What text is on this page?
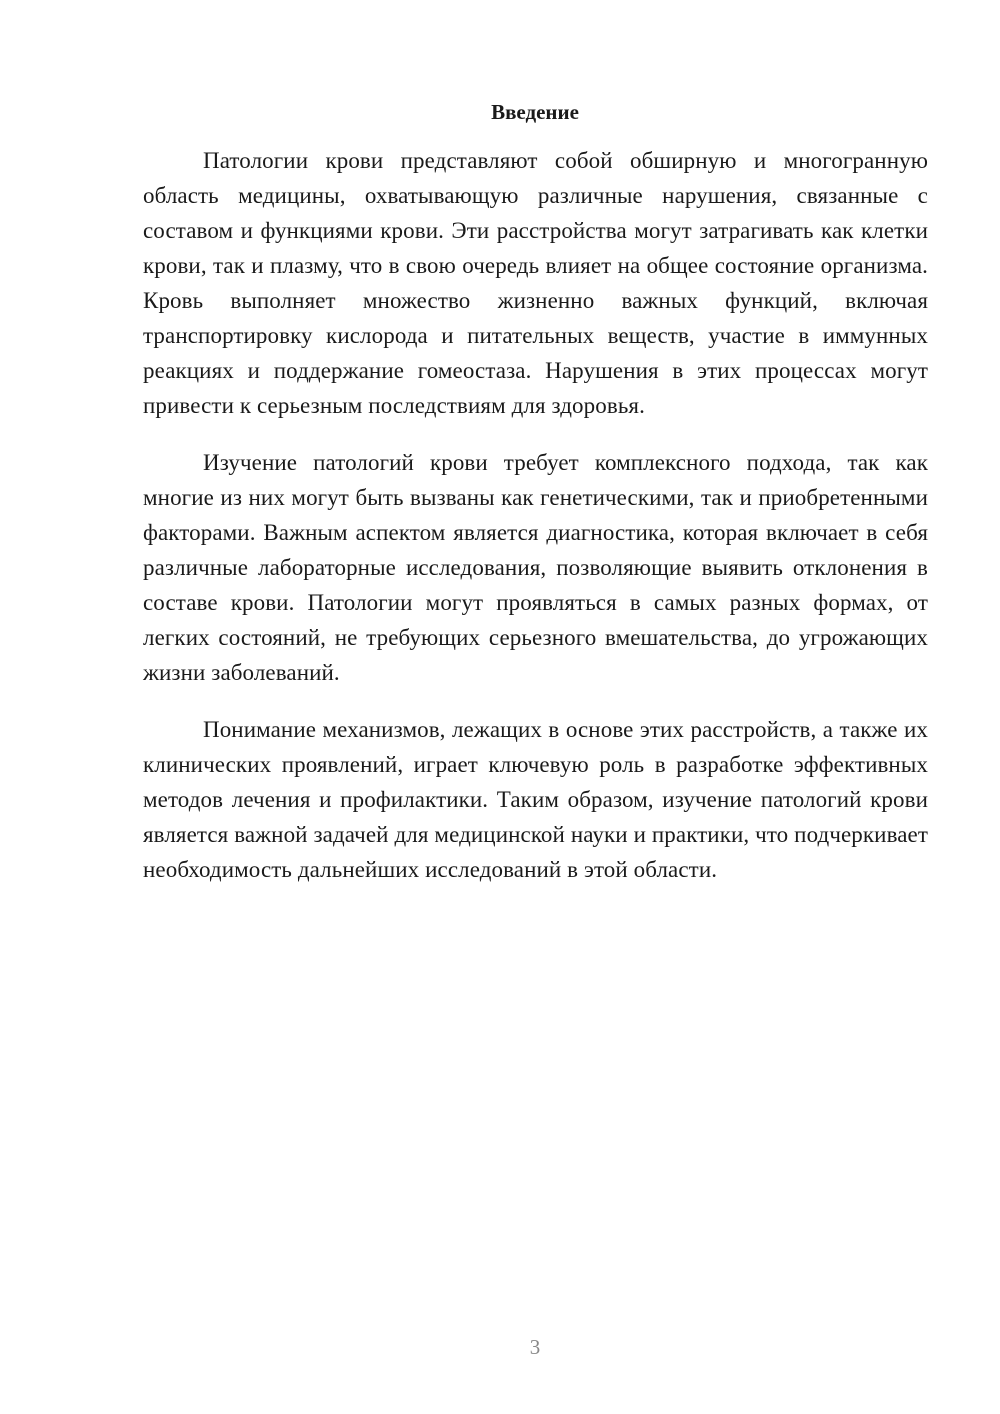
Введение

Патологии крови представляют собой обширную и многогранную область медицины, охватывающую различные нарушения, связанные с составом и функциями крови. Эти расстройства могут затрагивать как клетки крови, так и плазму, что в свою очередь влияет на общее состояние организма. Кровь выполняет множество жизненно важных функций, включая транспортировку кислорода и питательных веществ, участие в иммунных реакциях и поддержание гомеостаза. Нарушения в этих процессах могут привести к серьезным последствиям для здоровья.

Изучение патологий крови требует комплексного подхода, так как многие из них могут быть вызваны как генетическими, так и приобретенными факторами. Важным аспектом является диагностика, которая включает в себя различные лабораторные исследования, позволяющие выявить отклонения в составе крови. Патологии могут проявляться в самых разных формах, от легких состояний, не требующих серьезного вмешательства, до угрожающих жизни заболеваний.

Понимание механизмов, лежащих в основе этих расстройств, а также их клинических проявлений, играет ключевую роль в разработке эффективных методов лечения и профилактики. Таким образом, изучение патологий крови является важной задачей для медицинской науки и практики, что подчеркивает необходимость дальнейших исследований в этой области.

3
